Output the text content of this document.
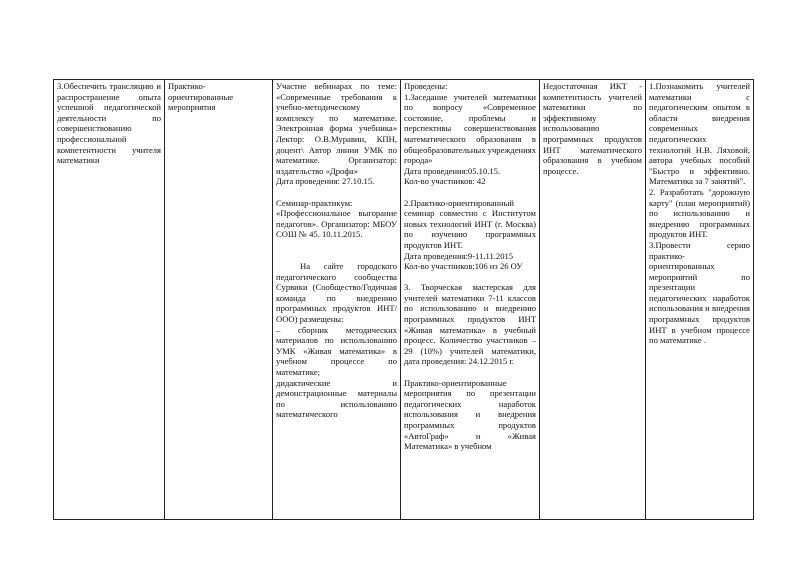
3.Обеспечить трансляцию и распространение опыта успешной педагогической деятельности по совершенствованию профессиональной компетентности учителя математики

Практико-ориентированные мероприятия

Участие вебинарах по теме: «Современные требования к учебно-методическому комплексу по математике. Электронная форма учебника» Лектор: О.В.Муравин, КПН, доцент\ Автор линии УМК по математике. Организатор: издательство «Дрофа»
Дата проведения: 27.10.15.
Семинар-практикум: «Профессиональное выгорание педагогов». Организатор: МБОУ СОШ № 45. 10.11.2015.
На сайте городского педагогического сообщества Сурвики (Сообщество/Годичная команда по внедрению программных продуктов ИНТ/ООО) размещены:
– сборник методических материалов по использованию УМК «Живая математика» в учебном процессе по математике;
дидактические и демонстрационные материалы по использованию математического

Проведены:
1.Заседание учителей математики по вопросу «Современное состояние, проблемы и перспективы совершенствования математического образования в общеобразовательных учреждениях города»
Дата проведения:05.10.15.
Кол-во участников: 42
2.Практико-ориентированный семинар совместно с Институтом новых технологий ИНТ (г. Москва) по изучению программных продуктов ИНТ.
Дата проведения:9-11.11.2015
Кол-во участников:106 из 26 ОУ
3. Творческая мастерская для учителей математики 7-11 классов по использованию и внедрению программных продуктов ИНТ «Живая математика» в учебный процесс. Количество участников – 29 (10%) учителей математики, дата проведения: 24.12.2015 г.
Практико-ориентированные мероприятия по презентации педагогических наработок использования и внедрения программных продуктов «АвтоГраф» и «Живая Математика» в учебном

Недостаточная ИКТ - компетентность учителей математики по эффективному использованию программных продуктов ИНТ математического образования в учебном процессе.

1.Познакомить учителей математики с педагогическим опытом в области внедрения современных педагогических технологий Н.В. Ляховой, автора учебных пособий "Быстро и эффективно. Математика за 7 занятий".
2. Разработать "дорожную карту" (план мероприятий) по использованию и внедрению программных продуктов ИНТ.
3.Провести серию практико-ориентированных мероприятий по презентации педагогических наработок использования и внедрения программных продуктов ИНТ в учебном процессе по математике .
